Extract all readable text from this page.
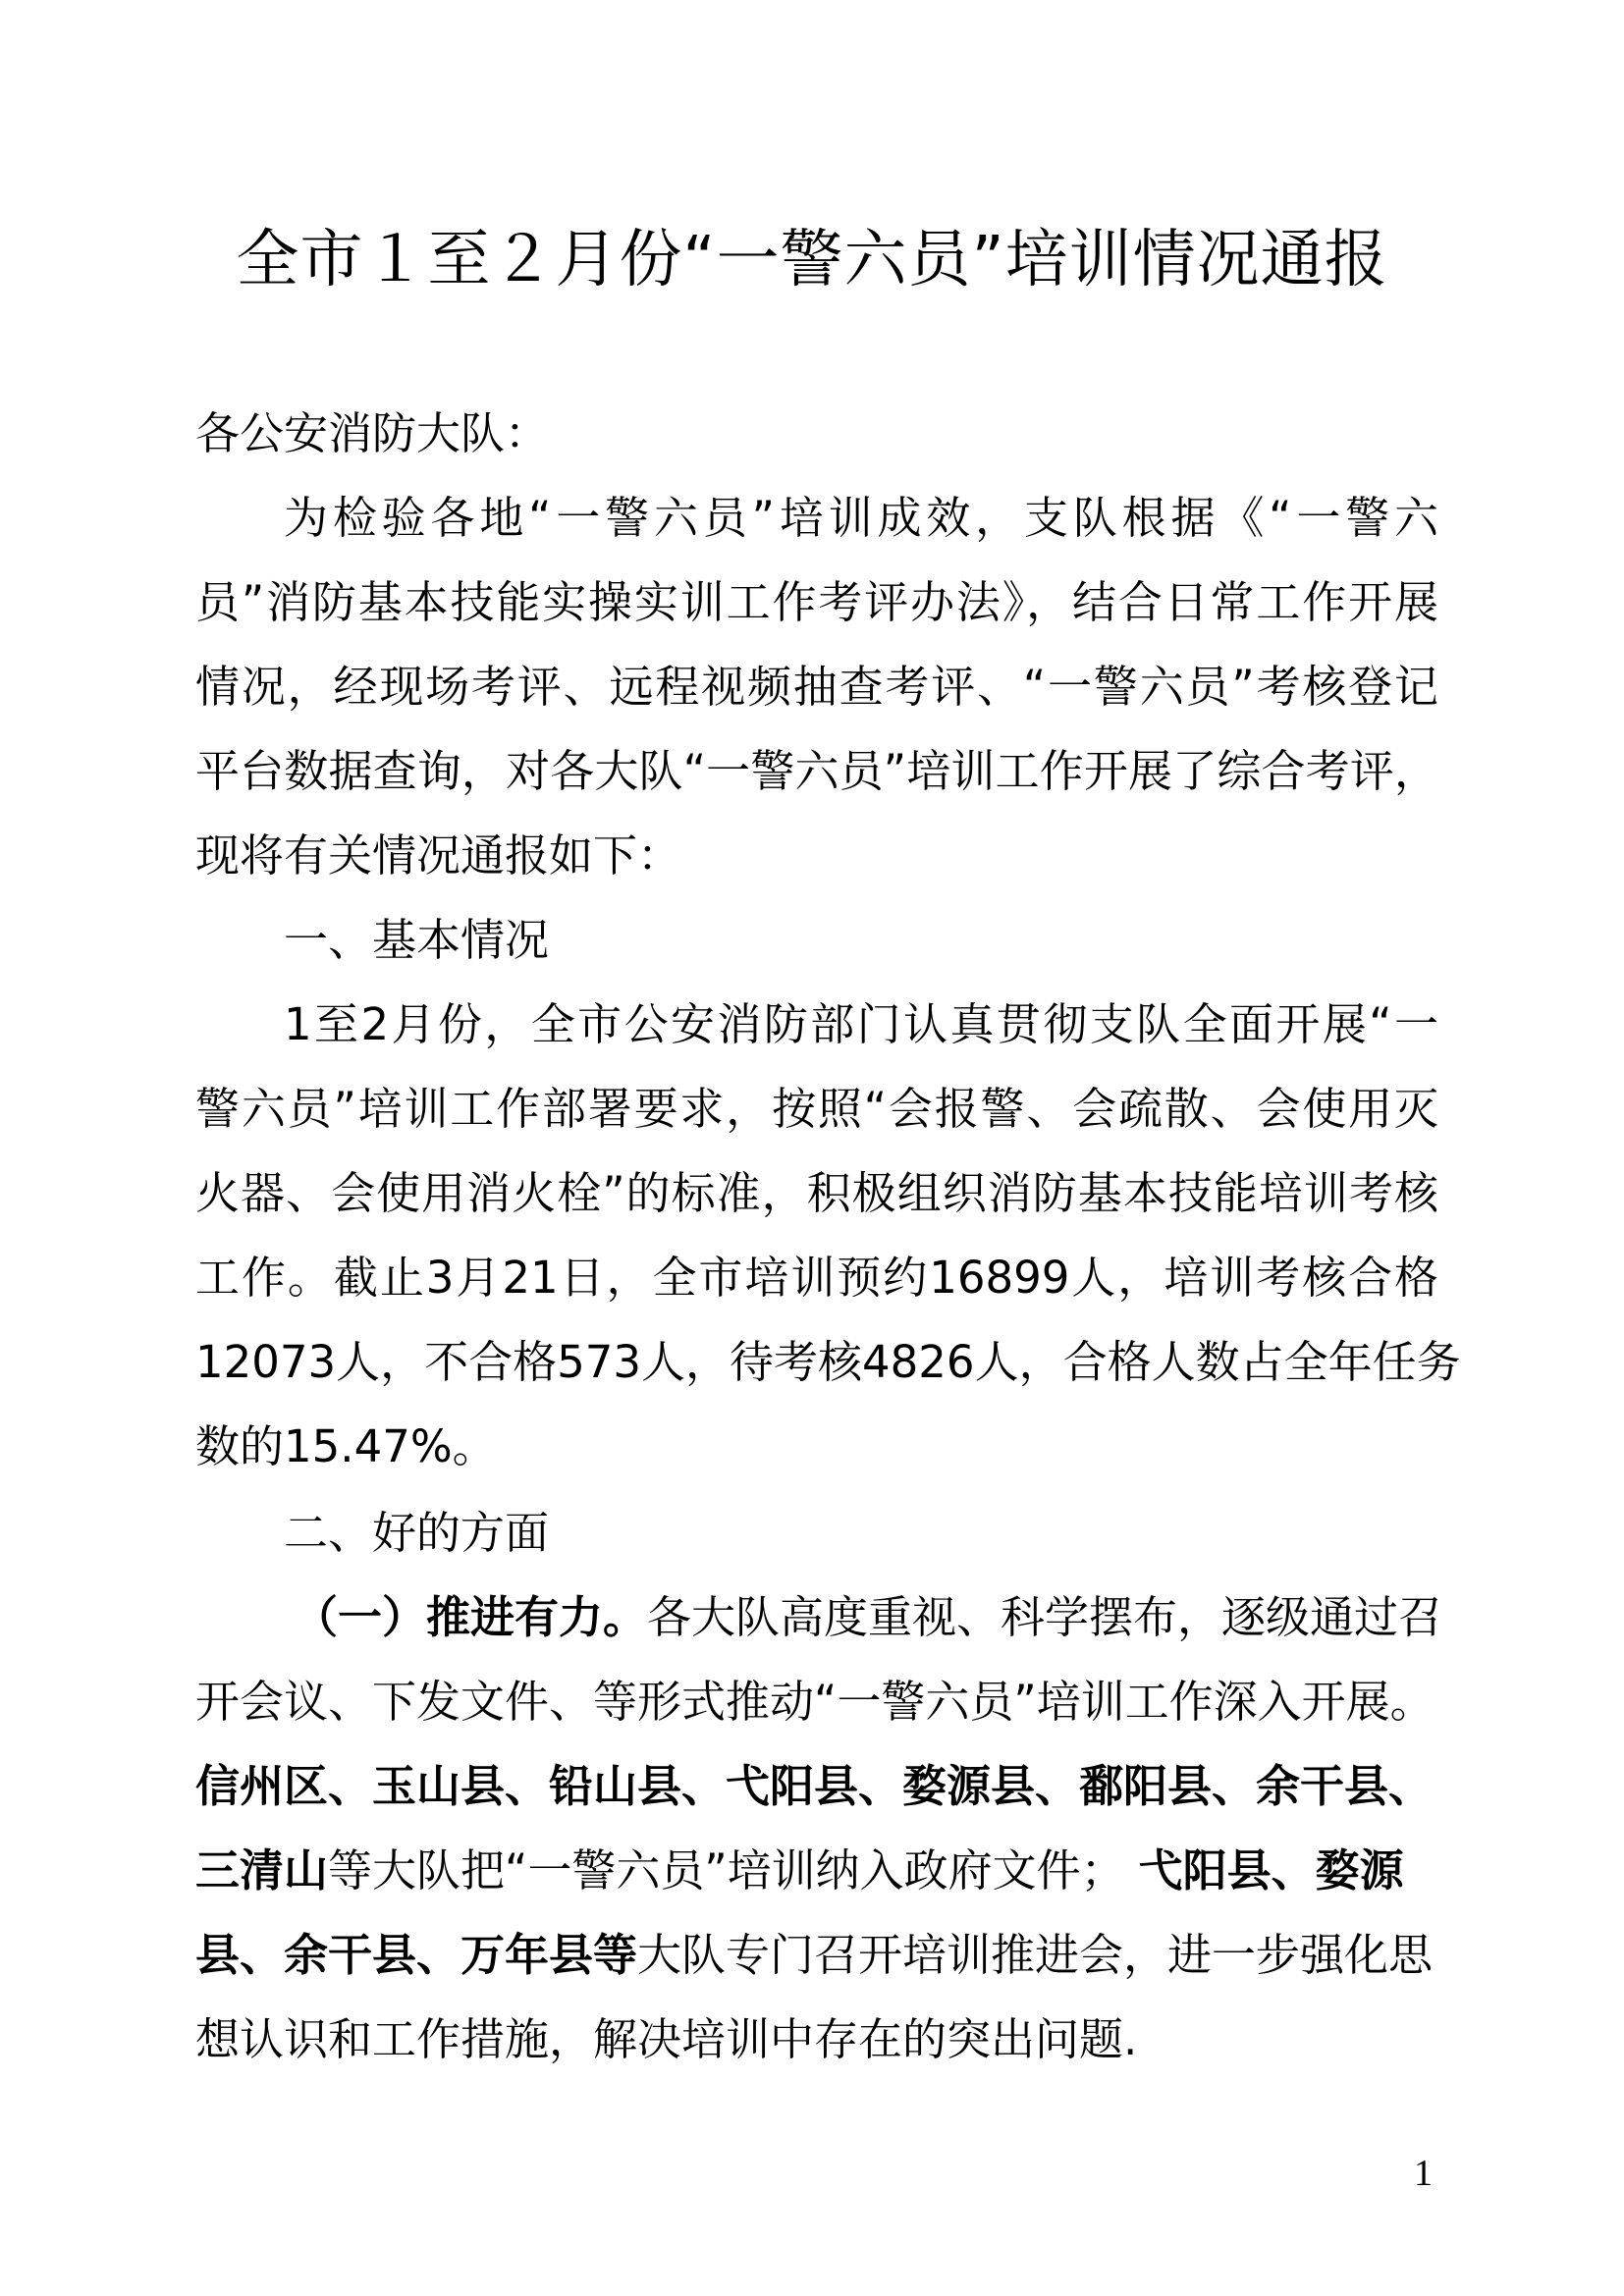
全市１至２月份“一警六员”培训情况通报
各公安消防大队：
为检验各地“一警六员”培训成效，支队根据《“一警六
员”消防基本技能实操实训工作考评办法》，结合日常工作开展
情况，经现场考评、远程视频抽查考评、“一警六员”考核登记
平台数据查询，对各大队“一警六员”培训工作开展了综合考评，
现将有关情况通报如下：
一、基本情况
1至2月份，全市公安消防部门认真贯彻支队全面开展“一
警六员”培训工作部署要求，按照“会报警、会疏散、会使用灭
火器、会使用消火栓”的标准，积极组织消防基本技能培训考核
工作。截止3月21日，全市培训预约16899人，培训考核合格
12073人，不合格573人，待考核4826人，合格人数占全年任务
数的15.47%。
二、好的方面
（一）推进有力。各大队高度重视、科学摆布，逐级通过召
开会议、下发文件、等形式推动“一警六员”培训工作深入开展。
信州区、玉山县、铅山县、弋阳县、婺源县、鄱阳县、余干县、
三清山等大队把“一警六员”培训纳入政府文件； 弋阳县、婺源
县、余干县、万年县等大队专门召开培训推进会，进一步强化思
想认识和工作措施，解决培训中存在的突出问题.
1
